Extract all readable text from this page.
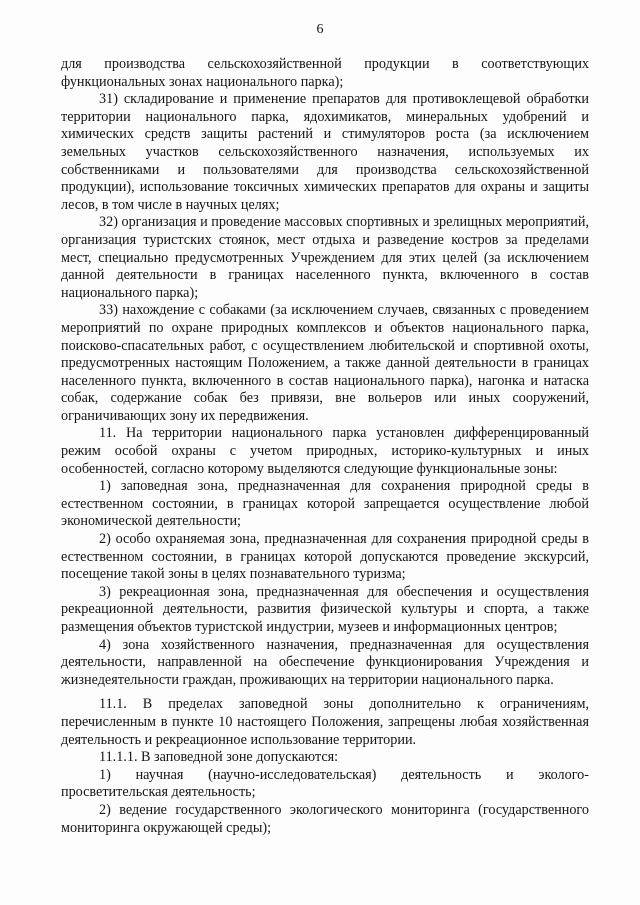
6

для производства сельскохозяйственной продукции в соответствующих функциональных зонах национального парка);

31) складирование и применение препаратов для противоклещевой обработки территории национального парка, ядохимикатов, минеральных удобрений и химических средств защиты растений и стимуляторов роста (за исключением земельных участков сельскохозяйственного назначения, используемых их собственниками и пользователями для производства сельскохозяйственной продукции), использование токсичных химических препаратов для охраны и защиты лесов, в том числе в научных целях;

32) организация и проведение массовых спортивных и зрелищных мероприятий, организация туристских стоянок, мест отдыха и разведение костров за пределами мест, специально предусмотренных Учреждением для этих целей (за исключением данной деятельности в границах населенного пункта, включенного в состав национального парка);

33) нахождение с собаками (за исключением случаев, связанных с проведением мероприятий по охране природных комплексов и объектов национального парка, поисково-спасательных работ, с осуществлением любительской и спортивной охоты, предусмотренных настоящим Положением, а также данной деятельности в границах населенного пункта, включенного в состав национального парка), нагонка и натаска собак, содержание собак без привязи, вне вольеров или иных сооружений, ограничивающих зону их передвижения.

11. На территории национального парка установлен дифференцированный режим особой охраны с учетом природных, историко-культурных и иных особенностей, согласно которому выделяются следующие функциональные зоны:

1) заповедная зона, предназначенная для сохранения природной среды в естественном состоянии, в границах которой запрещается осуществление любой экономической деятельности;

2) особо охраняемая зона, предназначенная для сохранения природной среды в естественном состоянии, в границах которой допускаются проведение экскурсий, посещение такой зоны в целях познавательного туризма;

3) рекреационная зона, предназначенная для обеспечения и осуществления рекреационной деятельности, развития физической культуры и спорта, а также размещения объектов туристской индустрии, музеев и информационных центров;

4) зона хозяйственного назначения, предназначенная для осуществления деятельности, направленной на обеспечение функционирования Учреждения и жизнедеятельности граждан, проживающих на территории национального парка.

11.1. В пределах заповедной зоны дополнительно к ограничениям, перечисленным в пункте 10 настоящего Положения, запрещены любая хозяйственная деятельность и рекреационное использование территории.

11.1.1. В заповедной зоне допускаются:

1) научная (научно-исследовательская) деятельность и эколого-просветительская деятельность;

2) ведение государственного экологического мониторинга (государственного мониторинга окружающей среды);
